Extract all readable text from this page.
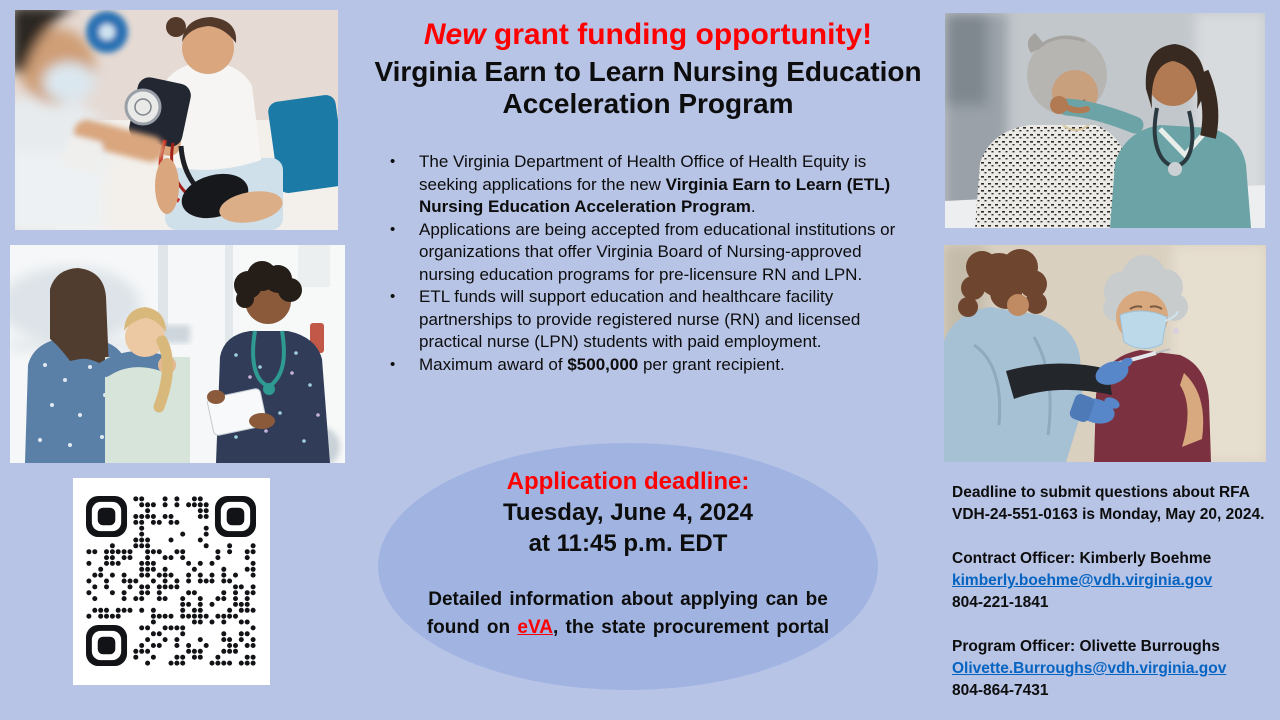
New grant funding opportunity!
Virginia Earn to Learn Nursing Education Acceleration Program
•	The Virginia Department of Health Office of Health Equity is seeking applications for the new Virginia Earn to Learn (ETL) Nursing Education Acceleration Program.
•	Applications are being accepted from educational institutions or organizations that offer Virginia Board of Nursing-approved nursing education programs for pre-licensure RN and LPN.
•	ETL funds will support education and healthcare facility partnerships to provide registered nurse (RN) and licensed practical nurse (LPN) students with paid employment.
•	Maximum award of $500,000 per grant recipient.
Application deadline:
Tuesday, June 4, 2024
at 11:45 p.m. EDT
Detailed information about applying can be found on eVA, the state procurement portal
Deadline to submit questions about RFA VDH-24-551-0163 is Monday, May 20, 2024.
Contract Officer: Kimberly Boehme
kimberly.boehme@vdh.virginia.gov
804-221-1841
Program Officer: Olivette Burroughs
Olivette.Burroughs@vdh.virginia.gov
804-864-7431
